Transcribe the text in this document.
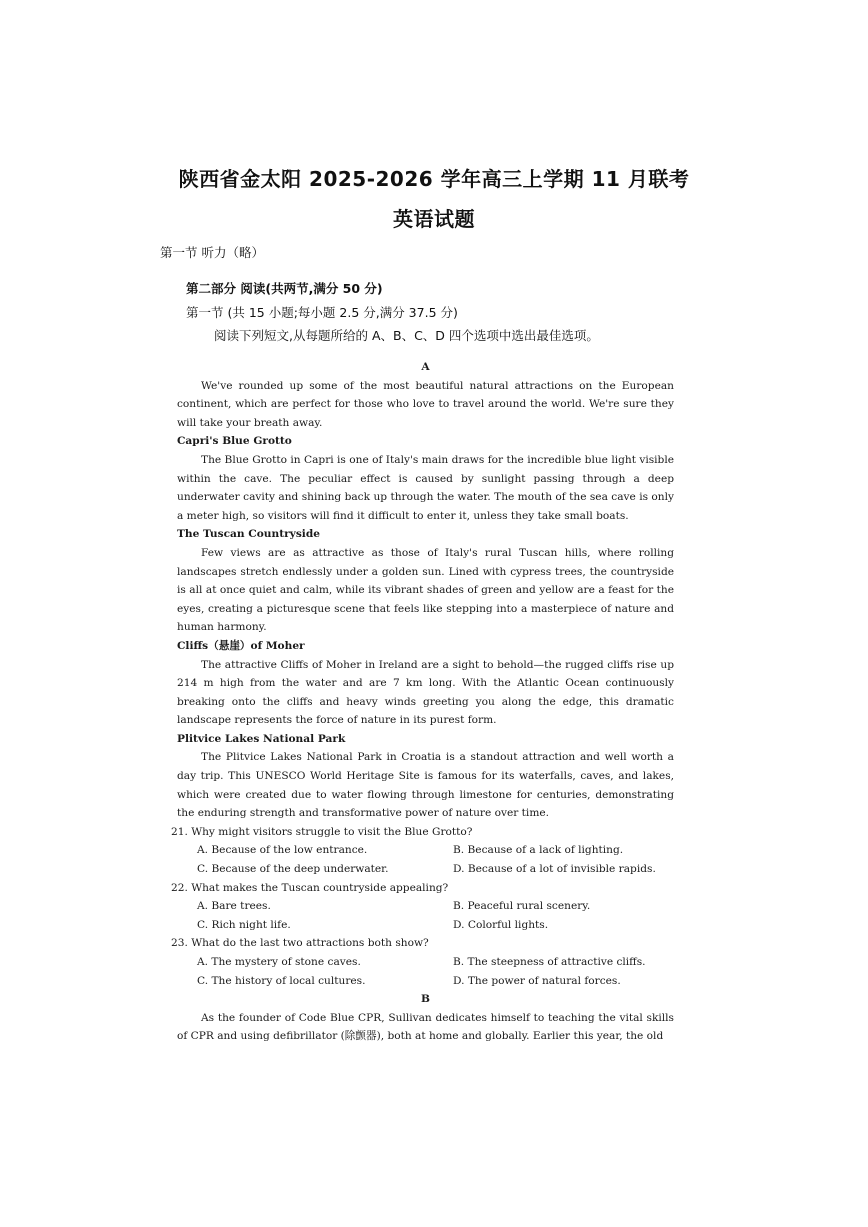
陕西省金太阳 2025-2026 学年高三上学期 11 月联考
英语试题
第一节 听力（略）
第二部分 阅读(共两节,满分 50 分)
第一节 (共 15 小题;每小题 2.5 分,满分 37.5 分)
阅读下列短文,从每题所给的 A、B、C、D 四个选项中选出最佳选项。

A

We've rounded up some of the most beautiful natural attractions on the European continent, which are perfect for those who love to travel around the world. We're sure they will take your breath away.

Capri's Blue Grotto

The Blue Grotto in Capri is one of Italy's main draws for the incredible blue light visible within the cave. The peculiar effect is caused by sunlight passing through a deep underwater cavity and shining back up through the water. The mouth of the sea cave is only a meter high, so visitors will find it difficult to enter it, unless they take small boats.

The Tuscan Countryside

Few views are as attractive as those of Italy's rural Tuscan hills, where rolling landscapes stretch endlessly under a golden sun. Lined with cypress trees, the countryside is all at once quiet and calm, while its vibrant shades of green and yellow are a feast for the eyes, creating a picturesque scene that feels like stepping into a masterpiece of nature and human harmony.

Cliffs（悬崖）of Moher

The attractive Cliffs of Moher in Ireland are a sight to behold—the rugged cliffs rise up 214 m high from the water and are 7 km long. With the Atlantic Ocean continuously breaking onto the cliffs and heavy winds greeting you along the edge, this dramatic landscape represents the force of nature in its purest form.

Plitvice Lakes National Park

The Plitvice Lakes National Park in Croatia is a standout attraction and well worth a day trip. This UNESCO World Heritage Site is famous for its waterfalls, caves, and lakes, which were created due to water flowing through limestone for centuries, demonstrating the enduring strength and transformative power of nature over time.

21. Why might visitors struggle to visit the Blue Grotto?

A. Because of the low entrance.	B. Because of a lack of lighting.
C. Because of the deep underwater.	D. Because of a lot of invisible rapids.

22. What makes the Tuscan countryside appealing?

A. Bare trees.	B. Peaceful rural scenery.
C. Rich night life.	D. Colorful lights.

23. What do the last two attractions both show?

A. The mystery of stone caves.	B. The steepness of attractive cliffs.
C. The history of local cultures.	D. The power of natural forces.

B

As the founder of Code Blue CPR, Sullivan dedicates himself to teaching the vital skills of CPR and using defibrillator (除颤器), both at home and globally. Earlier this year, the old
